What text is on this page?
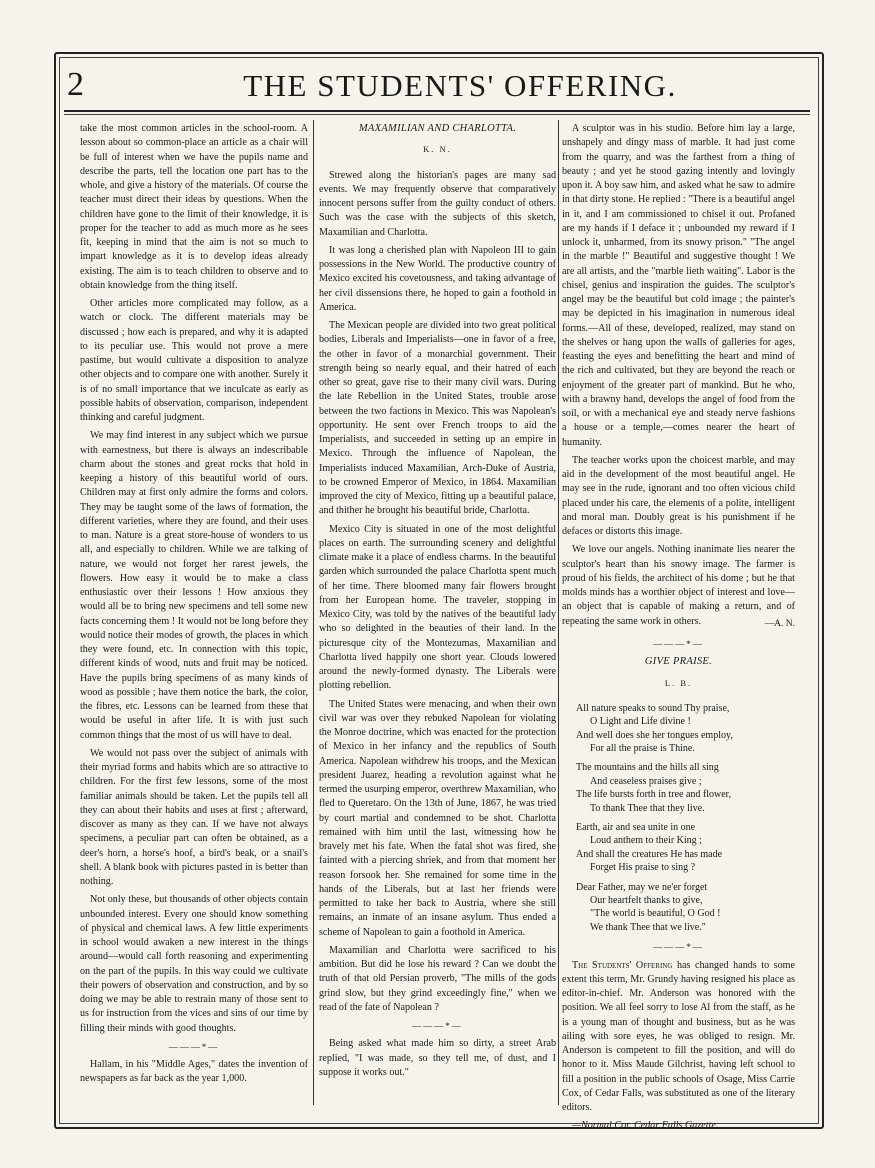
2	THE STUDENTS' OFFERING.

take the most common articles in the school-room. A lesson about so common-place an article as a chair will be full of interest when we have the pupils name and describe the parts, tell the location one part has to the whole, and give a history of the materials. Of course the teacher must direct their ideas by questions. When the children have gone to the limit of their knowledge, it is proper for the teacher to add as much more as he sees fit, keeping in mind that the aim is not so much to impart knowledge as it is to develop ideas already existing. The aim is to teach children to observe and to obtain knowledge from the thing itself.

Other articles more complicated may follow, as a watch or clock. The different materials may be discussed ; how each is prepared, and why it is adapted to its peculiar use. This would not prove a mere pastime, but would cultivate a disposition to analyze other objects and to compare one with another. Surely it is of no small importance that we inculcate as early as possible habits of observation, comparison, independent thinking and careful judgment.

We may find interest in any subject which we pursue with earnestness, but there is always an indescribable charm about the stones and great rocks that hold in keeping a history of this beautiful world of ours. Children may at first only admire the forms and colors. They may be taught some of the laws of formation, the different varieties, where they are found, and their uses to man. Nature is a great store-house of wonders to us all, and especially to children. While we are talking of nature, we would not forget her rarest jewels, the flowers. How easy it would be to make a class enthusiastic over their lessons ! How anxious they would all be to bring new specimens and tell some new facts concerning them ! It would not be long before they would notice their modes of growth, the places in which they were found, etc. In connection with this topic, different kinds of wood, nuts and fruit may be noticed. Have the pupils bring specimens of as many kinds of wood as possible ; have them notice the bark, the color, the fibres, etc. Lessons can be learned from these that would be useful in after life. It is with just such common things that the most of us will have to deal.

We would not pass over the subject of animals with their myriad forms and habits which are so attractive to children. For the first few lessons, some of the most familiar animals should be taken. Let the pupils tell all they can about their habits and uses at first ; afterward, discover as many as they can. If we have not always specimens, a peculiar part can often be obtained, as a deer's horn, a horse's hoof, a bird's beak, or a snail's shell. A blank book with pictures pasted in is better than nothing.

Not only these, but thousands of other objects contain unbounded interest. Every one should know something of physical and chemical laws. A few little experiments in school would awaken a new interest in the things around—would call forth reasoning and experimenting on the part of the pupils. In this way could we cultivate their powers of observation and construction, and by so doing we may be able to restrain many of those sent to us for instruction from the vices and sins of our time by filling their minds with good thoughts.

———*—

Hallam, in his "Middle Ages," dates the invention of newspapers as far back as the year 1,000.

MAXAMILIAN AND CHARLOTTA.
K. N.

Strewed along the historian's pages are many sad events. We may frequently observe that comparatively innocent persons suffer from the guilty conduct of others. Such was the case with the subjects of this sketch, Maxamilian and Charlotta.

It was long a cherished plan with Napoleon III to gain possessions in the New World. The productive country of Mexico excited his covetousness, and taking advantage of her civil dissensions there, he hoped to gain a foothold in America.

The Mexican people are divided into two great political bodies, Liberals and Imperialists—one in favor of a free, the other in favor of a monarchial government. Their strength being so nearly equal, and their hatred of each other so great, gave rise to their many civil wars. During the late Rebellion in the United States, trouble arose between the two factions in Mexico. This was Napolean's opportunity. He sent over French troops to aid the Imperialists, and succeeded in setting up an empire in Mexico. Through the influence of Napolean, the Imperialists induced Maxamilian, Arch-Duke of Austria, to be crowned Emperor of Mexico, in 1864. Maxamilian improved the city of Mexico, fitting up a beautiful palace, and thither he brought his beautiful bride, Charlotta.

Mexico City is situated in one of the most delightful places on earth. The surrounding scenery and delightful climate make it a place of endless charms. In the beautiful garden which surrounded the palace Charlotta spent much of her time. There bloomed many fair flowers brought from her European home. The traveler, stopping in Mexico City, was told by the natives of the beautiful lady who so delighted in the beauties of their land. In the picturesque city of the Montezumas, Maxamilian and Charlotta lived happily one short year. Clouds lowered around the newly-formed dynasty. The Liberals were plotting rebellion.

The United States were menacing, and when their own civil war was over they rebuked Napolean for violating the Monroe doctrine, which was enacted for the protection of Mexico in her infancy and the republics of South America. Napolean withdrew his troops, and the Mexican president Juarez, heading a revolution against what he termed the usurping emperor, overthrew Maxamilian, who fled to Queretaro. On the 13th of June, 1867, he was tried by court martial and condemned to be shot. Charlotta remained with him until the last, witnessing how he bravely met his fate. When the fatal shot was fired, she fainted with a piercing shriek, and from that moment her reason forsook her. She remained for some time in the hands of the Liberals, but at last her friends were permitted to take her back to Austria, where she still remains, an inmate of an insane asylum. Thus ended a scheme of Napolean to gain a foothold in America.

Maxamilian and Charlotta were sacrificed to his ambition. But did he lose his reward ? Can we doubt the truth of that old Persian proverb, "The mills of the gods grind slow, but they grind exceedingly fine," when we read of the fate of Napolean ?

———*—

Being asked what made him so dirty, a street Arab replied, "I was made, so they tell me, of dust, and I suppose it works out."

A sculptor was in his studio. Before him lay a large, unshapely and dingy mass of marble. It had just come from the quarry, and was the farthest from a thing of beauty ; and yet he stood gazing intently and lovingly upon it. A boy saw him, and asked what he saw to admire in that dirty stone. He replied : "There is a beautiful angel in it, and I am commissioned to chisel it out. Profaned are my hands if I deface it ; unbounded my reward if I unlock it, unharmed, from its snowy prison." "The angel in the marble !" Beautiful and suggestive thought ! We are all artists, and the "marble lieth waiting". Labor is the chisel, genius and inspiration the guides. The sculptor's angel may be the beautiful but cold image ; the painter's may be depicted in his imagination in numerous ideal forms.—All of these, developed, realized, may stand on the shelves or hang upon the walls of galleries for ages, feasting the eyes and benefitting the heart and mind of the rich and cultivated, but they are beyond the reach or enjoyment of the greater part of mankind. But he who, with a brawny hand, develops the angel of food from the soil, or with a mechanical eye and steady nerve fashions a house or a temple,—comes nearer the heart of humanity.

The teacher works upon the choicest marble, and may aid in the development of the most beautiful angel. He may see in the rude, ignorant and too often vicious child placed under his care, the elements of a polite, intelligent and moral man. Doubly great is his punishment if he defaces or distorts this image.

We love our angels. Nothing inanimate lies nearer the sculptor's heart than his snowy image. The farmer is proud of his fields, the architect of his dome ; but he that molds minds has a worthier object of interest and love—an object that is capable of making a return, and of repeating the same work in others.	—A. N.
———*—
GIVE PRAISE.
L. B.
All nature speaks to sound Thy praise,
O Light and Life divine !
And well does she her tongues employ,
For all the praise is Thine.
The mountains and the hills all sing
And ceaseless praises give ;
The life bursts forth in tree and flower,
To thank Thee that they live.
Earth, air and sea unite in one
Loud anthem to their King ;
And shall the creatures He has made
Forget His praise to sing ?
Dear Father, may we ne'er forget
Our heartfelt thanks to give,
"The world is beautiful, O God !
We thank Thee that we live."
———*—

The Students' Offering has changed hands to some extent this term, Mr. Grundy having resigned his place as editor-in-chief. Mr. Anderson was honored with the position. We all feel sorry to lose Al from the staff, as he is a young man of thought and business, but as he was ailing with sore eyes, he was obliged to resign. Mr. Anderson is competent to fill the position, and will do honor to it. Miss Maude Gilchrist, having left school to fill a position in the public schools of Osage, Miss Carrie Cox, of Cedar Falls, was substituted as one of the literary editors.

—Normal Cor. Cedar Falls Gazette.
